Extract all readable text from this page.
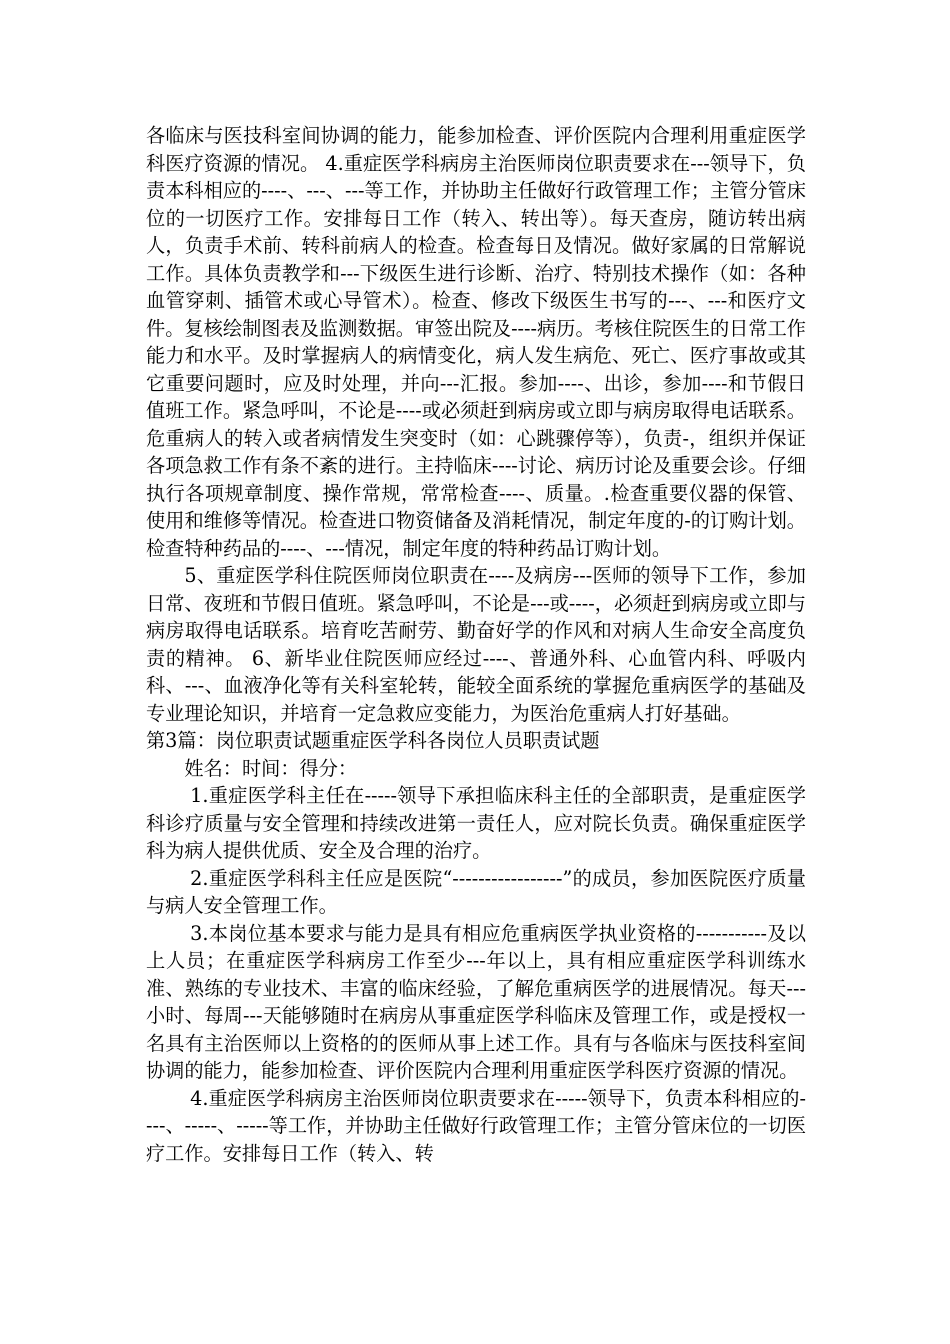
各临床与医技科室间协调的能力，能参加检查、评价医院内合理利用重症医学科医疗资源的情况。 4.重症医学科病房主治医师岗位职责要求在---领导下，负责本科相应的----、---、---等工作，并协助主任做好行政管理工作；主管分管床位的一切医疗工作。安排每日工作（转入、转出等）。每天查房，随访转出病人，负责手术前、转科前病人的检查。检查每日及情况。做好家属的日常解说工作。具体负责教学和---下级医生进行诊断、治疗、特别技术操作（如：各种血管穿刺、插管术或心导管术）。检查、修改下级医生书写的---、---和医疗文件。复核绘制图表及监测数据。审签出院及----病历。考核住院医生的日常工作能力和水平。及时掌握病人的病情变化，病人发生病危、死亡、医疗事故或其它重要问题时，应及时处理，并向---汇报。参加----、出诊，参加----和节假日值班工作。紧急呼叫，不论是----或必须赶到病房或立即与病房取得电话联系。危重病人的转入或者病情发生突变时（如：心跳骤停等），负责-，组织并保证各项急救工作有条不紊的进行。主持临床----讨论、病历讨论及重要会诊。仔细执行各项规章制度、操作常规，常常检查----、质量。.检查重要仪器的保管、使用和维修等情况。检查进口物资储备及消耗情况，制定年度的-的订购计划。检查特种药品的----、---情况，制定年度的特种药品订购计划。

5、重症医学科住院医师岗位职责在----及病房---医师的领导下工作，参加日常、夜班和节假日值班。紧急呼叫，不论是---或----，必须赶到病房或立即与病房取得电话联系。培育吃苦耐劳、勤奋好学的作风和对病人生命安全高度负责的精神。 6、新毕业住院医师应经过----、普通外科、心血管内科、呼吸内科、---、血液净化等有关科室轮转，能较全面系统的掌握危重病医学的基础及专业理论知识，并培育一定急救应变能力，为医治危重病人打好基础。

第3篇：岗位职责试题重症医学科各岗位人员职责试题

姓名：时间：得分：

1.重症医学科主任在-----领导下承担临床科主任的全部职责，是重症医学科诊疗质量与安全管理和持续改进第一责任人，应对院长负责。确保重症医学科为病人提供优质、安全及合理的治疗。

2.重症医学科科主任应是医院“-----------------”的成员，参加医院医疗质量与病人安全管理工作。

3.本岗位基本要求与能力是具有相应危重病医学执业资格的-----------及以上人员；在重症医学科病房工作至少---年以上，具有相应重症医学科训练水准、熟练的专业技术、丰富的临床经验，了解危重病医学的进展情况。每天---小时、每周---天能够随时在病房从事重症医学科临床及管理工作，或是授权一名具有主治医师以上资格的的医师从事上述工作。具有与各临床与医技科室间协调的能力，能参加检查、评价医院内合理利用重症医学科医疗资源的情况。

4.重症医学科病房主治医师岗位职责要求在-----领导下，负责本科相应的----、-----、-----等工作，并协助主任做好行政管理工作；主管分管床位的一切医疗工作。安排每日工作（转入、转
